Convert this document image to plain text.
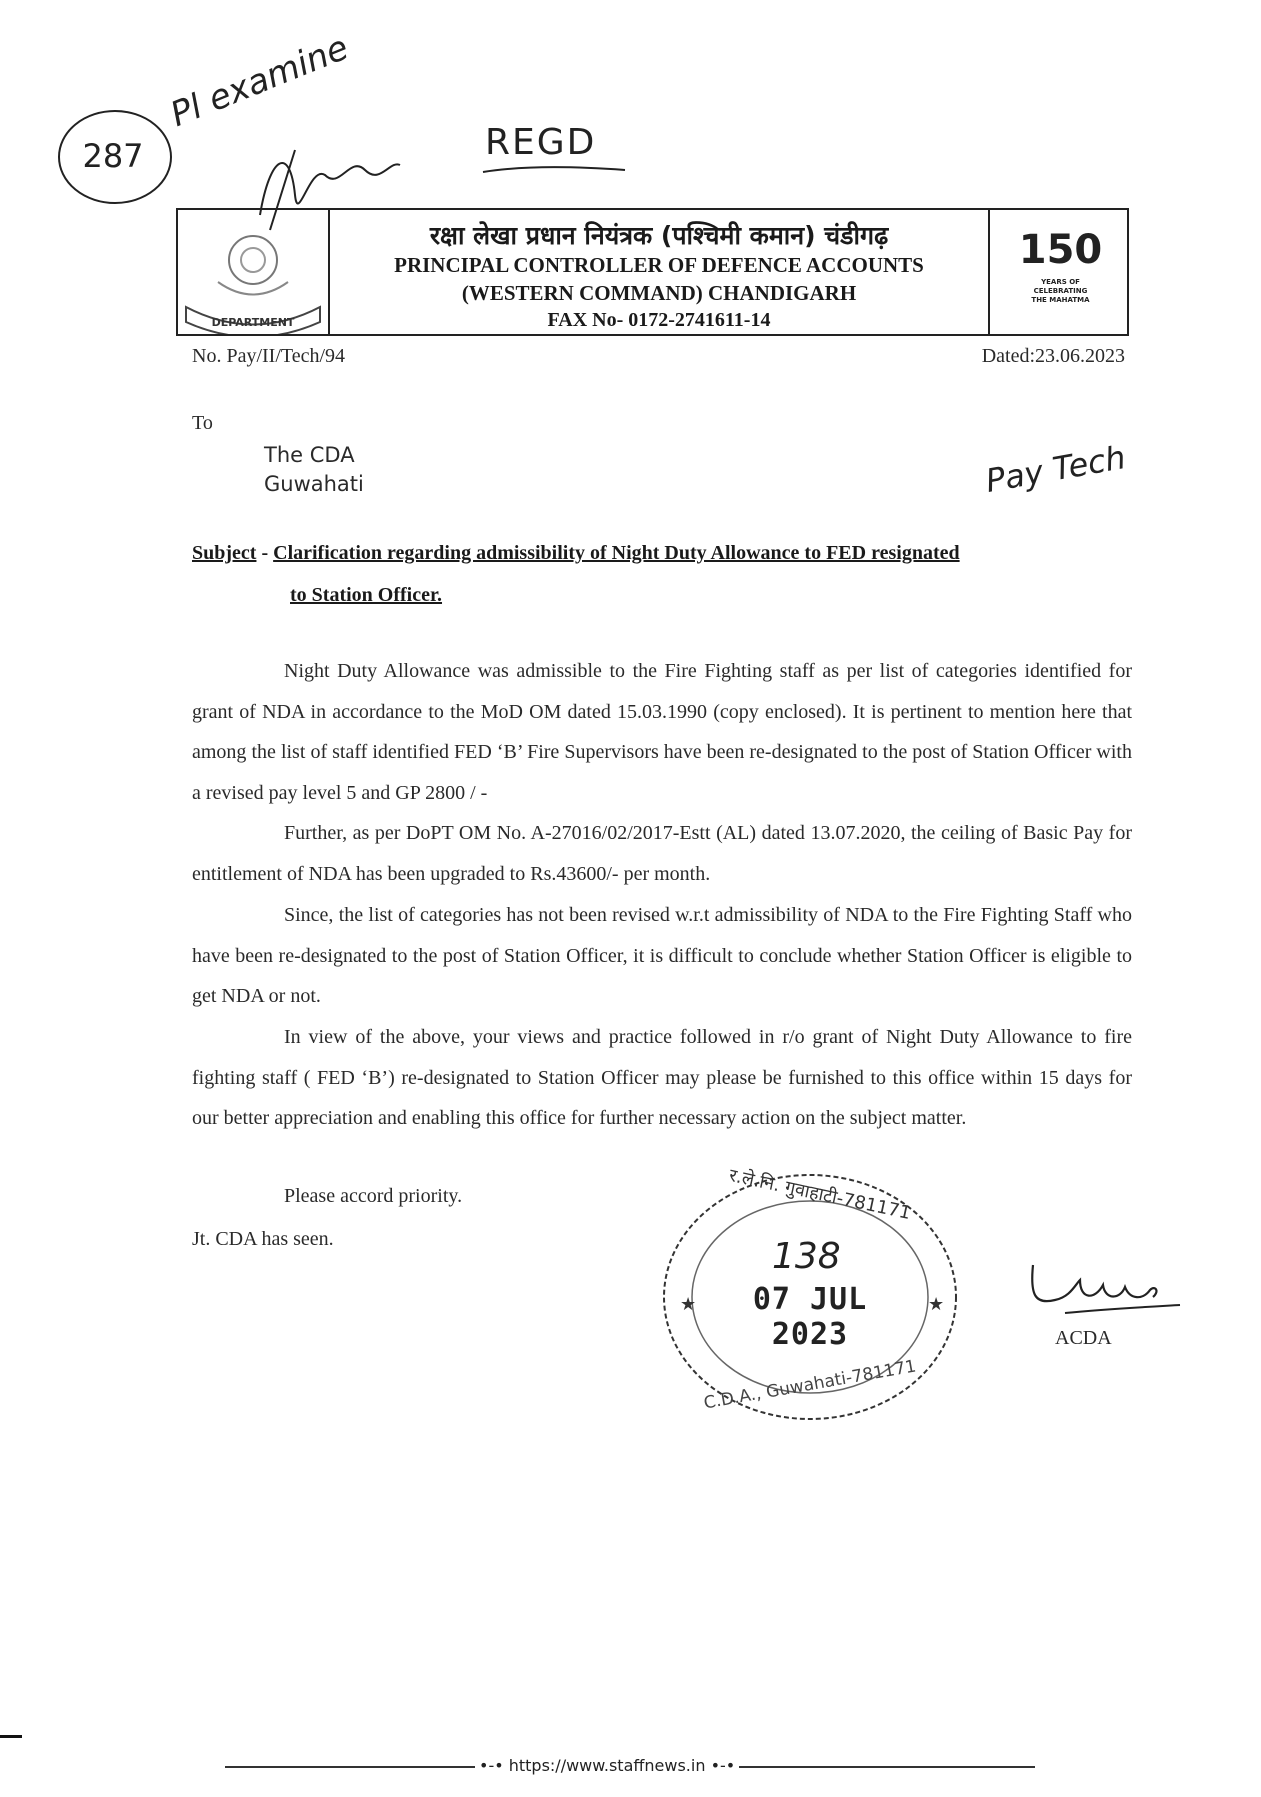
287
Pl examine
REGD
DEPARTMENT
रक्षा लेखा प्रधान नियंत्रक (पश्चिमी कमान) चंडीगढ़
PRINCIPAL CONTROLLER OF DEFENCE ACCOUNTS
(WESTERN COMMAND) CHANDIGARH
FAX No- 0172-2741611-14
150
YEARS OF CELEBRATING THE MAHATMA
No. Pay/II/Tech/94	Dated:23.06.2023
To
The CDA
Guwahati	Pay Tech
Subject - Clarification regarding admissibility of Night Duty Allowance to FED resignated
to Station Officer.
Night Duty Allowance was admissible to the Fire Fighting staff as per list of categories identified for grant of NDA in accordance to the MoD OM dated 15.03.1990 (copy enclosed). It is pertinent to mention here that among the list of staff identified FED ‘B’ Fire Supervisors have been re-designated to the post of Station Officer with a revised pay level 5 and GP 2800 / -
Further, as per DoPT OM No. A-27016/02/2017-Estt (AL) dated 13.07.2020, the ceiling of Basic Pay for entitlement of NDA has been upgraded to Rs.43600/- per month.
Since, the list of categories has not been revised w.r.t admissibility of NDA to the Fire Fighting Staff who have been re-designated to the post of Station Officer, it is difficult to conclude whether Station Officer is eligible to get NDA or not.
In view of the above, your views and practice followed in r/o grant of Night Duty Allowance to fire fighting staff ( FED ‘B’) re-designated to Station Officer may please be furnished to this office within 15 days for our better appreciation and enabling this office for further necessary action on the subject matter.
Please accord priority.
Jt. CDA has seen.
★	★
र.ले.नि. गुवाहाटी-781171
138
07 JUL 2023
C.D.A., Guwahati-781171
ACDA
•-• https://www.staffnews.in •-•
